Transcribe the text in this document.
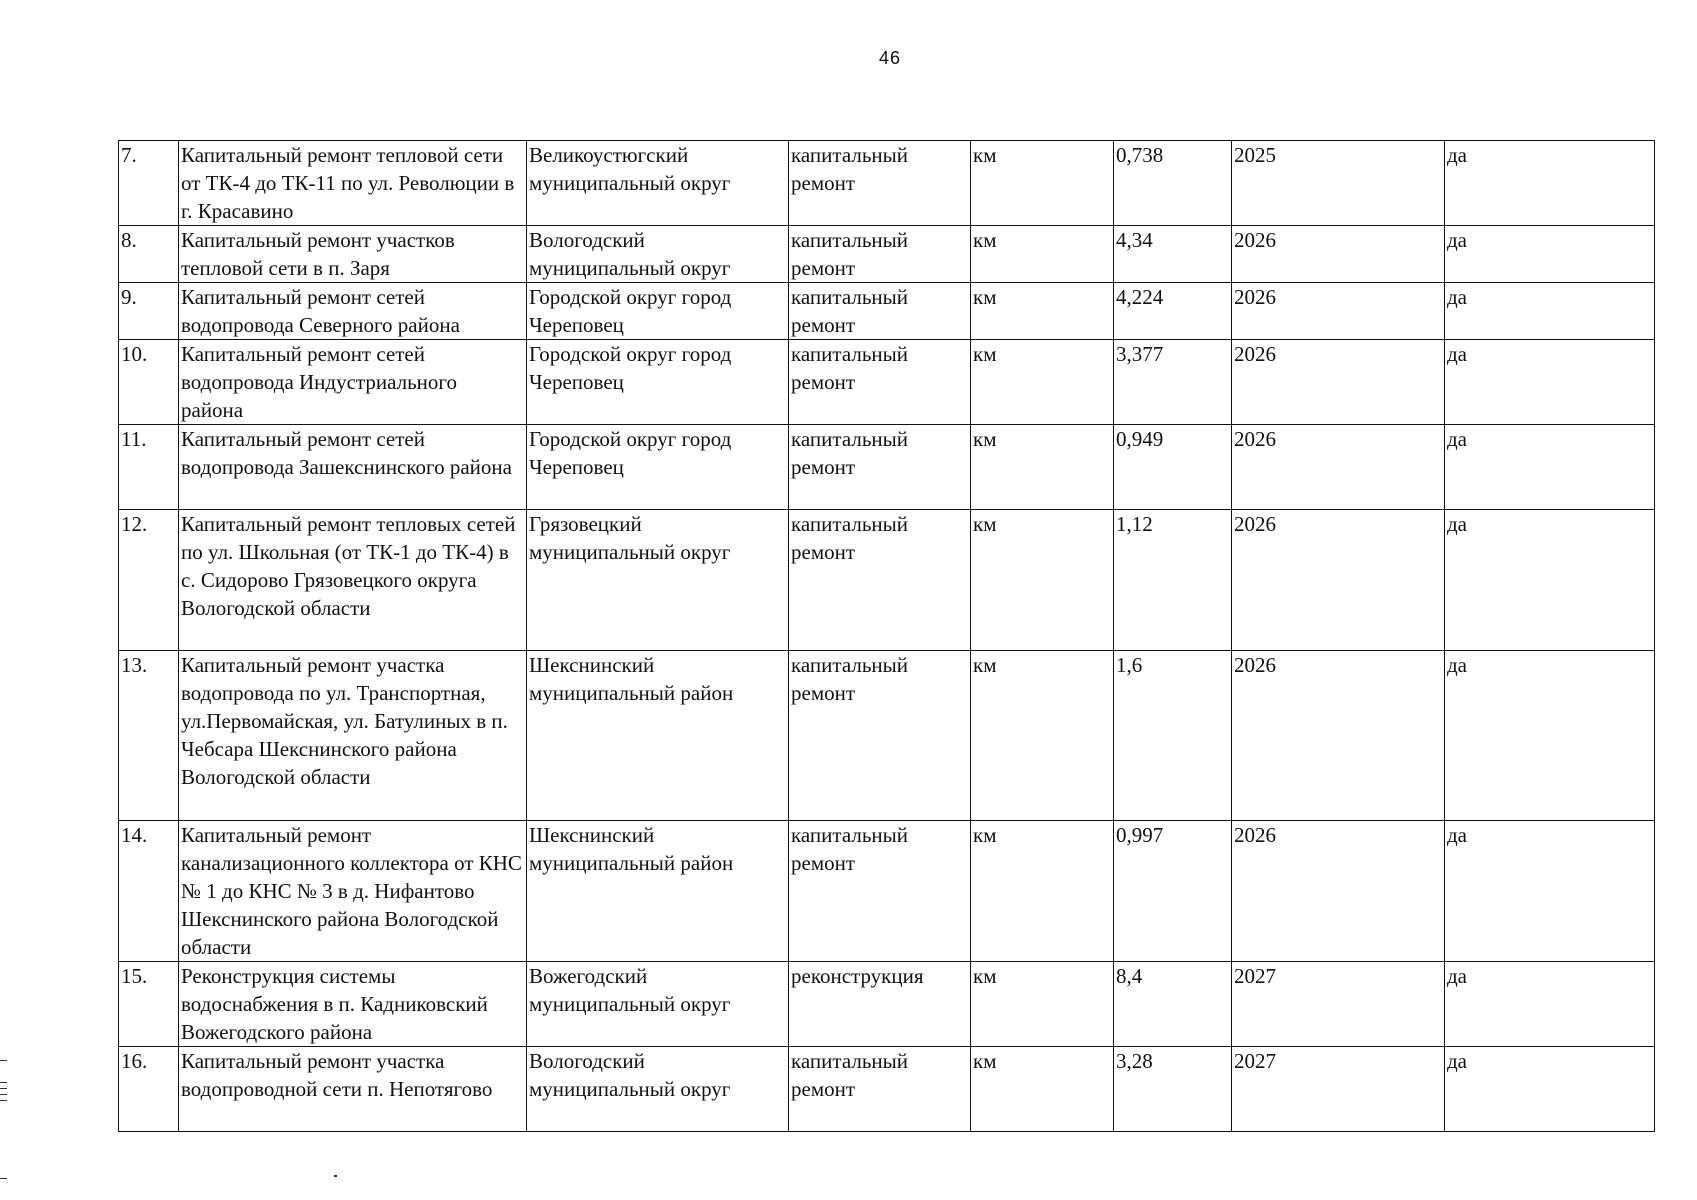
46
7.	Капитальный ремонт тепловой сети от ТК-4 до ТК-11 по ул. Революции в г. Красавино	Великоустюгский муниципальный округ	капитальный ремонт	км	0,738	2025	да
8.	Капитальный ремонт участков тепловой сети в п. Заря	Вологодский муниципальный округ	капитальный ремонт	км	4,34	2026	да
9.	Капитальный ремонт сетей водопровода Северного района	Городской округ город Череповец	капитальный ремонт	км	4,224	2026	да
10.	Капитальный ремонт сетей водопровода Индустриального района	Городской округ город Череповец	капитальный ремонт	км	3,377	2026	да
11.	Капитальный ремонт сетей водопровода Зашекснинского района	Городской округ город Череповец	капитальный ремонт	км	0,949	2026	да
12.	Капитальный ремонт тепловых сетей по ул. Школьная (от ТК-1 до ТК-4) в с. Сидорово Грязовецкого округа Вологодской области	Грязовецкий муниципальный округ	капитальный ремонт	км	1,12	2026	да
13.	Капитальный ремонт участка водопровода по ул. Транспортная, ул.Первомайская, ул. Батулиных в п. Чебсара Шекснинского района Вологодской области	Шекснинский муниципальный район	капитальный ремонт	км	1,6	2026	да
14.	Капитальный ремонт канализационного коллектора от КНС № 1 до КНС № 3 в д. Нифантово Шекснинского района Вологодской области	Шекснинский муниципальный район	капитальный ремонт	км	0,997	2026	да
15.	Реконструкция системы водоснабжения в п. Кадниковский Вожегодского района	Вожегодский муниципальный округ	реконструкция	км	8,4	2027	да
16.	Капитальный ремонт участка водопроводной сети п. Непотягово	Вологодский муниципальный округ	капитальный ремонт	км	3,28	2027	да
